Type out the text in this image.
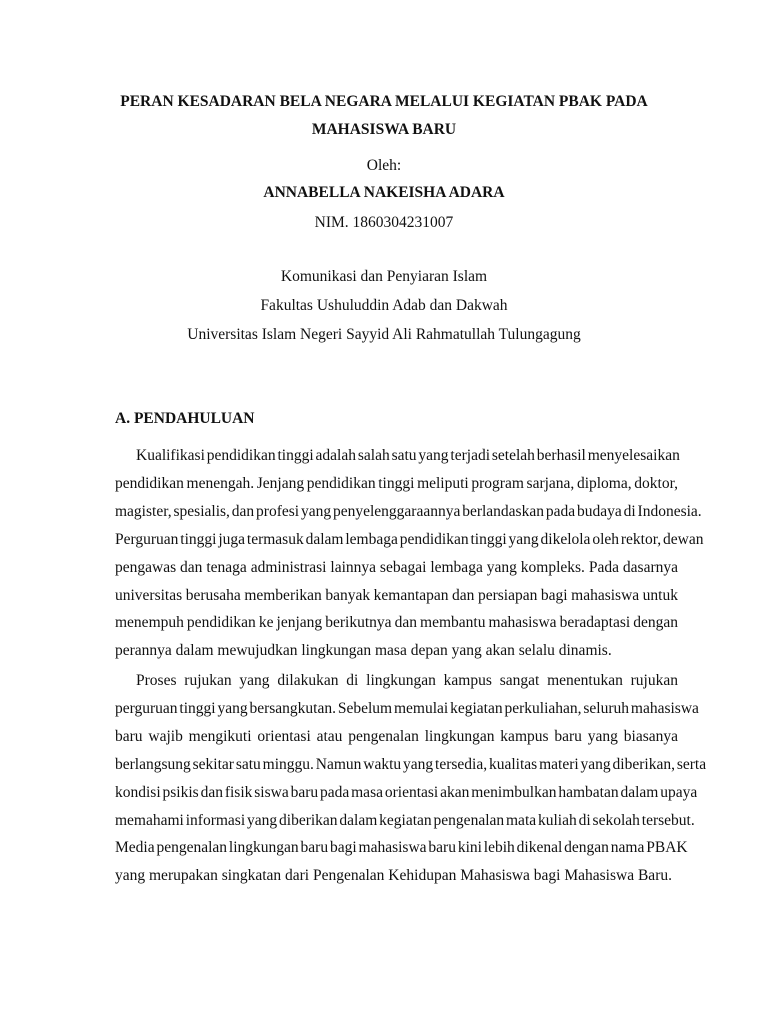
PERAN KESADARAN BELA NEGARA MELALUI KEGIATAN PBAK PADA
MAHASISWA BARU
Oleh:
ANNABELLA NAKEISHA ADARA
NIM. 1860304231007
Komunikasi dan Penyiaran Islam
Fakultas Ushuluddin Adab dan Dakwah
Universitas Islam Negeri Sayyid Ali Rahmatullah Tulungagung
A. PENDAHULUAN
Kualifikasi pendidikan tinggi adalah salah satu yang terjadi setelah berhasil menyelesaikan
pendidikan menengah. Jenjang pendidikan tinggi meliputi program sarjana, diploma, doktor,
magister, spesialis, dan profesi yang penyelenggaraannya berlandaskan pada budaya di Indonesia.
Perguruan tinggi juga termasuk dalam lembaga pendidikan tinggi yang dikelola oleh rektor, dewan
pengawas dan tenaga administrasi lainnya sebagai lembaga yang kompleks. Pada dasarnya
universitas berusaha memberikan banyak kemantapan dan persiapan bagi mahasiswa untuk
menempuh pendidikan ke jenjang berikutnya dan membantu mahasiswa beradaptasi dengan
perannya dalam mewujudkan lingkungan masa depan yang akan selalu dinamis.
Proses rujukan yang dilakukan di lingkungan kampus sangat menentukan rujukan
perguruan tinggi yang bersangkutan. Sebelum memulai kegiatan perkuliahan, seluruh mahasiswa
baru wajib mengikuti orientasi atau pengenalan lingkungan kampus baru yang biasanya
berlangsung sekitar satu minggu. Namun waktu yang tersedia, kualitas materi yang diberikan, serta
kondisi psikis dan fisik siswa baru pada masa orientasi akan menimbulkan hambatan dalam upaya
memahami informasi yang diberikan dalam kegiatan pengenalan mata kuliah di sekolah tersebut.
Media pengenalan lingkungan baru bagi mahasiswa baru kini lebih dikenal dengan nama PBAK
yang merupakan singkatan dari Pengenalan Kehidupan Mahasiswa bagi Mahasiswa Baru.
